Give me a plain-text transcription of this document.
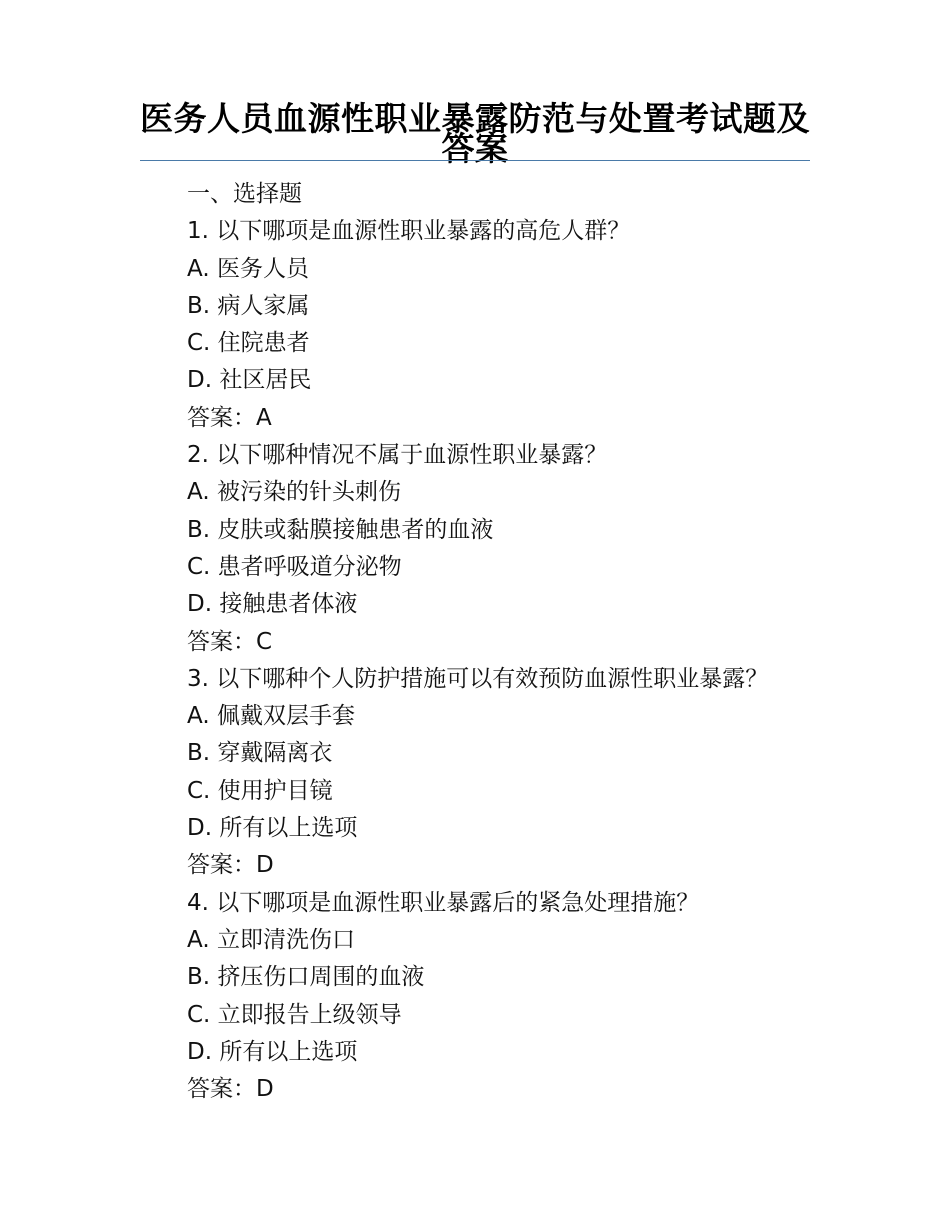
医务人员血源性职业暴露防范与处置考试题及答案
一、选择题
1. 以下哪项是血源性职业暴露的高危人群？
A. 医务人员
B. 病人家属
C. 住院患者
D. 社区居民
答案：A
2. 以下哪种情况不属于血源性职业暴露？
A. 被污染的针头刺伤
B. 皮肤或黏膜接触患者的血液
C. 患者呼吸道分泌物
D. 接触患者体液
答案：C
3. 以下哪种个人防护措施可以有效预防血源性职业暴露？
A. 佩戴双层手套
B. 穿戴隔离衣
C. 使用护目镜
D. 所有以上选项
答案：D
4. 以下哪项是血源性职业暴露后的紧急处理措施？
A. 立即清洗伤口
B. 挤压伤口周围的血液
C. 立即报告上级领导
D. 所有以上选项
答案：D
